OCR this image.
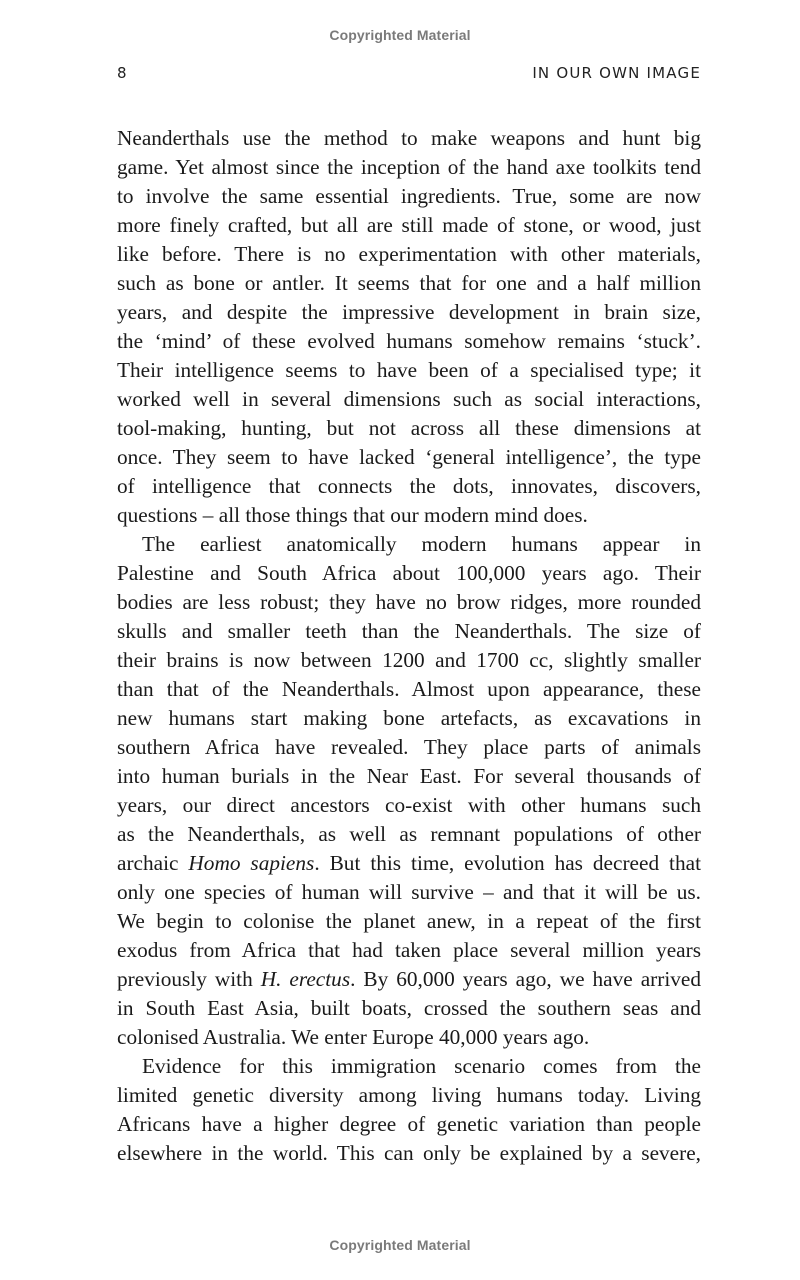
Copyrighted Material
8	IN OUR OWN IMAGE
Neanderthals use the method to make weapons and hunt big
game. Yet almost since the inception of the hand axe toolkits tend
to involve the same essential ingredients. True, some are now
more finely crafted, but all are still made of stone, or wood, just
like before. There is no experimentation with other materials,
such as bone or antler. It seems that for one and a half million
years, and despite the impressive development in brain size,
the ‘mind’ of these evolved humans somehow remains ‘stuck’.
Their intelligence seems to have been of a specialised type; it
worked well in several dimensions such as social interactions,
tool-making, hunting, but not across all these dimensions at
once. They seem to have lacked ‘general intelligence’, the type
of intelligence that connects the dots, innovates, discovers,
questions – all those things that our modern mind does.
The earliest anatomically modern humans appear in
Palestine and South Africa about 100,000 years ago. Their
bodies are less robust; they have no brow ridges, more rounded
skulls and smaller teeth than the Neanderthals. The size of
their brains is now between 1200 and 1700 cc, slightly smaller
than that of the Neanderthals. Almost upon appearance, these
new humans start making bone artefacts, as excavations in
southern Africa have revealed. They place parts of animals
into human burials in the Near East. For several thousands of
years, our direct ancestors co-exist with other humans such
as the Neanderthals, as well as remnant populations of other
archaic Homo sapiens. But this time, evolution has decreed that
only one species of human will survive – and that it will be us.
We begin to colonise the planet anew, in a repeat of the first
exodus from Africa that had taken place several million years
previously with H. erectus. By 60,000 years ago, we have arrived
in South East Asia, built boats, crossed the southern seas and
colonised Australia. We enter Europe 40,000 years ago.
Evidence for this immigration scenario comes from the
limited genetic diversity among living humans today. Living
Africans have a higher degree of genetic variation than people
elsewhere in the world. This can only be explained by a severe,
Copyrighted Material
